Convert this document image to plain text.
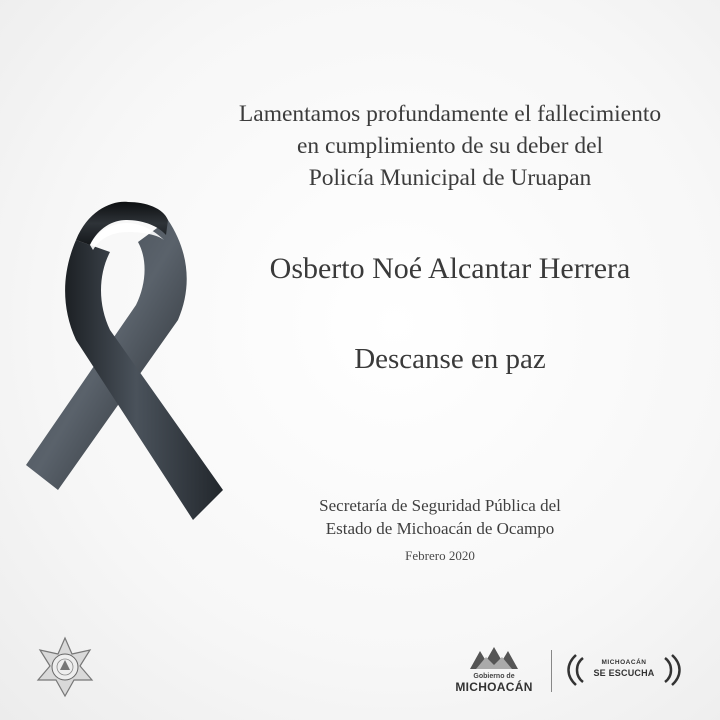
Lamentamos profundamente el fallecimiento
en cumplimiento de su deber del
Policía Municipal de Uruapan
Osberto Noé Alcantar Herrera
Descanse en paz
Secretaría de Seguridad Pública del
Estado de Michoacán de Ocampo
Febrero 2020
Gobierno de
MICHOACÁN
MICHOACÁN
SE ESCUCHA
